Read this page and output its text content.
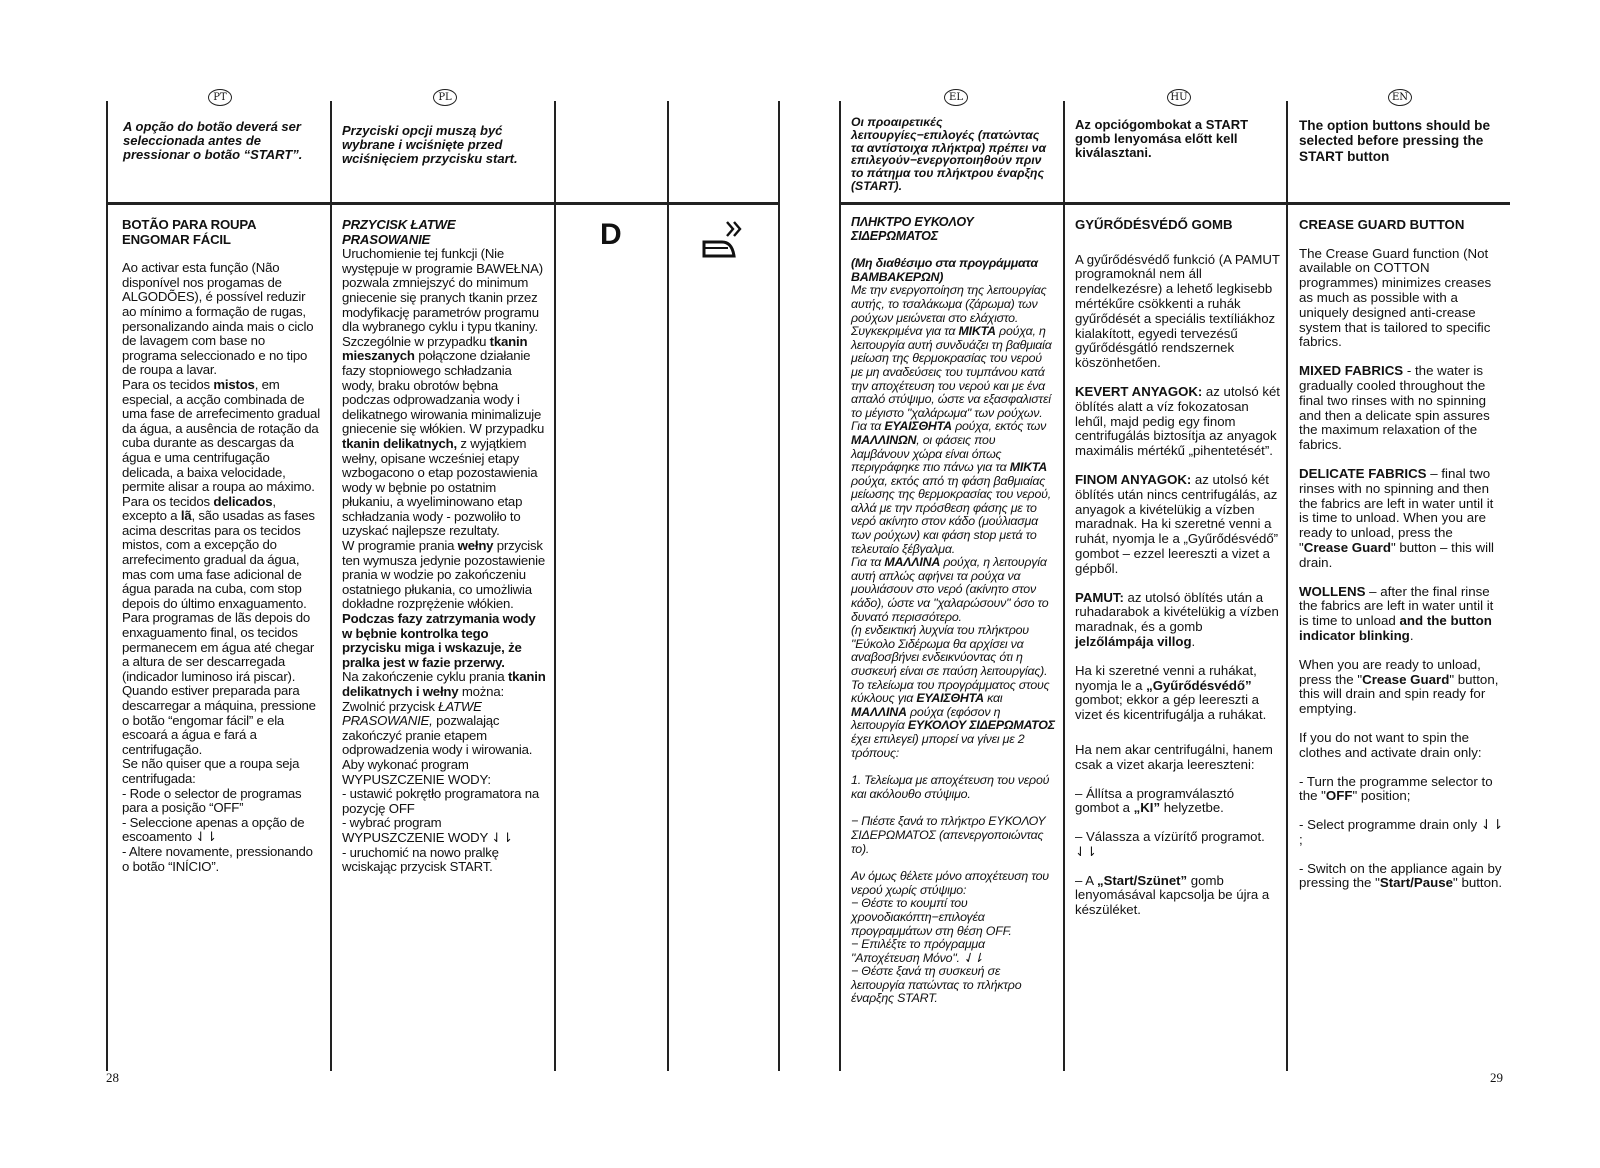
PT	PL	EL	HU	EN

A opção do botão deverá ser seleccionada antes de pressionar o botão “START”.

Przyciski opcji muszą być wybrane i wciśnięte przed wciśnięciem przycisku start.

Οι προαιρετικές λειτουργίες−επιλογές (πατώντας τα αντίστοιχα πλήκτρα) πρέπει να επιλεγούν−ενεργοποιηθούν πριν το πάτημα του πλήκτρου έναρξης (START).

Az opciógombokat a START gomb lenyomása előtt kell kiválasztani.

The option buttons should be selected before pressing the START button

D
BOTÃO PARA ROUPA ENGOMAR FÁCIL

Ao activar esta função (Não disponível nos progamas de ALGODÕES), é possível reduzir ao mínimo a formação de rugas, personalizando ainda mais o ciclo de lavagem com base no programa seleccionado e no tipo de roupa a lavar.

Para os tecidos mistos, em especial, a acção combinada de uma fase de arrefecimento gradual da água, a ausência de rotação da cuba durante as descargas da água e uma centrifugação delicada, a baixa velocidade, permite alisar a roupa ao máximo.

Para os tecidos delicados, excepto a lã, são usadas as fases acima descritas para os tecidos mistos, com a excepção do arrefecimento gradual da água, mas com uma fase adicional de água parada na cuba, com stop depois do último enxaguamento.

Para programas de lãs depois do enxaguamento final, os tecidos permanecem em água até chegar a altura de ser descarregada (indicador luminoso irá piscar).

Quando estiver preparada para descarregar a máquina, pressione o botão “engomar fácil” e ela escoará a água e fará a centrifugação.

Se não quiser que a roupa seja centrifugada:

- Rode o selector de programas para a posição “OFF”

- Seleccione apenas a opção de escoamento ⇃⇂

- Altere novamente, pressionando o botão “INÍCIO”.

PRZYCISK ŁATWE PRASOWANIE

Uruchomienie tej funkcji (Nie występuje w programie BAWEŁNA) pozwala zmniejszyć do minimum gniecenie się pranych tkanin przez modyfikację parametrów programu dla wybranego cyklu i typu tkaniny.

Szczególnie w przypadku tkanin mieszanych połączone działanie fazy stopniowego schładzania wody, braku obrotów bębna podczas odprowadzania wody i delikatnego wirowania minimalizuje gniecenie się włókien. W przypadku tkanin delikatnych, z wyjątkiem wełny, opisane wcześniej etapy wzbogacono o etap pozostawienia wody w bębnie po ostatnim płukaniu, a wyeliminowano etap schładzania wody - pozwoliło to uzyskać najlepsze rezultaty.

W programie prania wełny przycisk ten wymusza jedynie pozostawienie prania w wodzie po zakończeniu ostatniego płukania, co umożliwia dokładne rozprężenie włókien.

Podczas fazy zatrzymania wody w bębnie kontrolka tego przycisku miga i wskazuje, że pralka jest w fazie przerwy.

Na zakończenie cyklu prania tkanin delikatnych i wełny można:

Zwolnić przycisk ŁATWE PRASOWANIE, pozwalając zakończyć pranie etapem odprowadzenia wody i wirowania.

Aby wykonać program WYPUSZCZENIE WODY:

- ustawić pokrętło programatora na pozycję OFF

- wybrać program WYPUSZCZENIE WODY ⇃⇂

- uruchomić na nowo pralkę wciskając przycisk START.

ΠΛΗΚΤΡΟ ΕΥΚΟΛΟΥ ΣΙΔΕΡΩΜΑΤΟΣ

(Μη διαθέσιμο στα προγράμματα ΒΑΜΒΑΚΕΡΩΝ)

Με την ενεργοποίηση της λειτουργίας αυτής, το τσαλάκωμα (ζάρωμα) των ρούχων μειώνεται στο ελάχιστο.

Συγκεκριμένα για τα ΜΙΚΤΑ ρούχα, η λειτουργία αυτή συνδυάζει τη βαθμιαία μείωση της θερμοκρασίας του νερού με μη αναδεύσεις του τυμπάνου κατά την αποχέτευση του νερού και με ένα απαλό στύψιμο, ώστε να εξασφαλιστεί το μέγιστο "χαλάρωμα" των ρούχων.

Για τα ΕΥΑΙΣΘΗΤΑ ρούχα, εκτός των ΜΑΛΛΙΝΩΝ, οι φάσεις που λαμβάνουν χώρα είναι όπως περιγράφηκε πιο πάνω για τα ΜΙΚΤΑ ρούχα, εκτός από τη φάση βαθμιαίας μείωσης της θερμοκρασίας του νερού, αλλά με την πρόσθεση φάσης με το νερό ακίνητο στον κάδο (μούλιασμα των ρούχων) και φάση stop μετά το τελευταίο ξέβγαλμα.

Για τα ΜΑΛΛΙΝΑ ρούχα, η λειτουργία αυτή απλώς αφήνει τα ρούχα να μουλιάσουν στο νερό (ακίνητο στον κάδο), ώστε να "χαλαρώσουν" όσο το δυνατό περισσότερο.

(η ενδεικτική λυχνία του πλήκτρου "Εύκολο Σιδέρωμα θα αρχίσει να αναβοσβήνει ενδεικνύοντας ότι η συσκευή είναι σε παύση λειτουργίας).

Το τελείωμα του προγράμματος στους κύκλους για ΕΥΑΙΣΘΗΤΑ και ΜΑΛΛΙΝΑ ρούχα (εφόσον η λειτουργία ΕΥΚΟΛΟΥ ΣΙΔΕΡΩΜΑΤΟΣ έχει επιλεγεί) μπορεί να γίνει με 2 τρόπους:

1. Τελείωμα με αποχέτευση του νερού και ακόλουθο στύψιμο.

− Πιέστε ξανά το πλήκτρο ΕΥΚΟΛΟΥ ΣΙΔΕΡΩΜΑΤΟΣ (απενεργοποιώντας το).

Αν όμως θέλετε μόνο αποχέτευση του νερού χωρίς στύψιμο:

− Θέστε το κουμπί του χρονοδιακόπτη−επιλογέα προγραμμάτων στη θέση OFF.

− Επιλέξτε το πρόγραμμα "Αποχέτευση Μόνο". ⇃⇂

− Θέστε ξανά τη συσκευή σε λειτουργία πατώντας το πλήκτρο έναρξης START.

GYŰRŐDÉSVÉDŐ GOMB

A gyűrődésvédő funkció (A PAMUT programoknál nem áll rendelkezésre) a lehető legkisebb mértékűre csökkenti a ruhák gyűrődését a speciális textíliákhoz kialakított, egyedi tervezésű gyűrődésgátló rendszernek köszönhetően.

KEVERT ANYAGOK: az utolsó két öblítés alatt a víz fokozatosan lehűl, majd pedig egy finom centrifugálás biztosítja az anyagok maximális mértékű „pihentetését”.

FINOM ANYAGOK: az utolsó két öblítés után nincs centrifugálás, az anyagok a kivételükig a vízben maradnak. Ha ki szeretné venni a ruhát, nyomja le a „Gyűrődésvédő” gombot – ezzel leereszti a vizet a gépből.

PAMUT: az utolsó öblítés után a ruhadarabok a kivételükig a vízben maradnak, és a gomb jelzőlámpája villog.

Ha ki szeretné venni a ruhákat, nyomja le a „Gyűrődésvédő” gombot; ekkor a gép leereszti a vizet és kicentrifugálja a ruhákat.

Ha nem akar centrifugálni, hanem csak a vizet akarja leereszteni:

– Állítsa a programválasztó gombot a „KI” helyzetbe.

– Válassza a vízürítő programot. ⇃⇂

– A „Start/Szünet” gomb lenyomásával kapcsolja be újra a készüléket.

CREASE GUARD BUTTON

The Crease Guard function (Not available on COTTON programmes) minimizes creases as much as possible with a uniquely designed anti-crease system that is tailored to specific fabrics.

MIXED FABRICS - the water is gradually cooled throughout the final two rinses with no spinning and then a delicate spin assures the maximum relaxation of the fabrics.

DELICATE FABRICS – final two rinses with no spinning and then the fabrics are left in water until it is time to unload. When you are ready to unload, press the "Crease Guard" button – this will drain.

WOLLENS – after the final rinse the fabrics are left in water until it is time to unload and the button indicator blinking.

When you are ready to unload, press the "Crease Guard" button, this will drain and spin ready for emptying.

If you do not want to spin the clothes and activate drain only:

- Turn the programme selector to the "OFF" position;

- Select programme drain only ⇃⇂ ;

- Switch on the appliance again by pressing the "Start/Pause" button.

28	29
